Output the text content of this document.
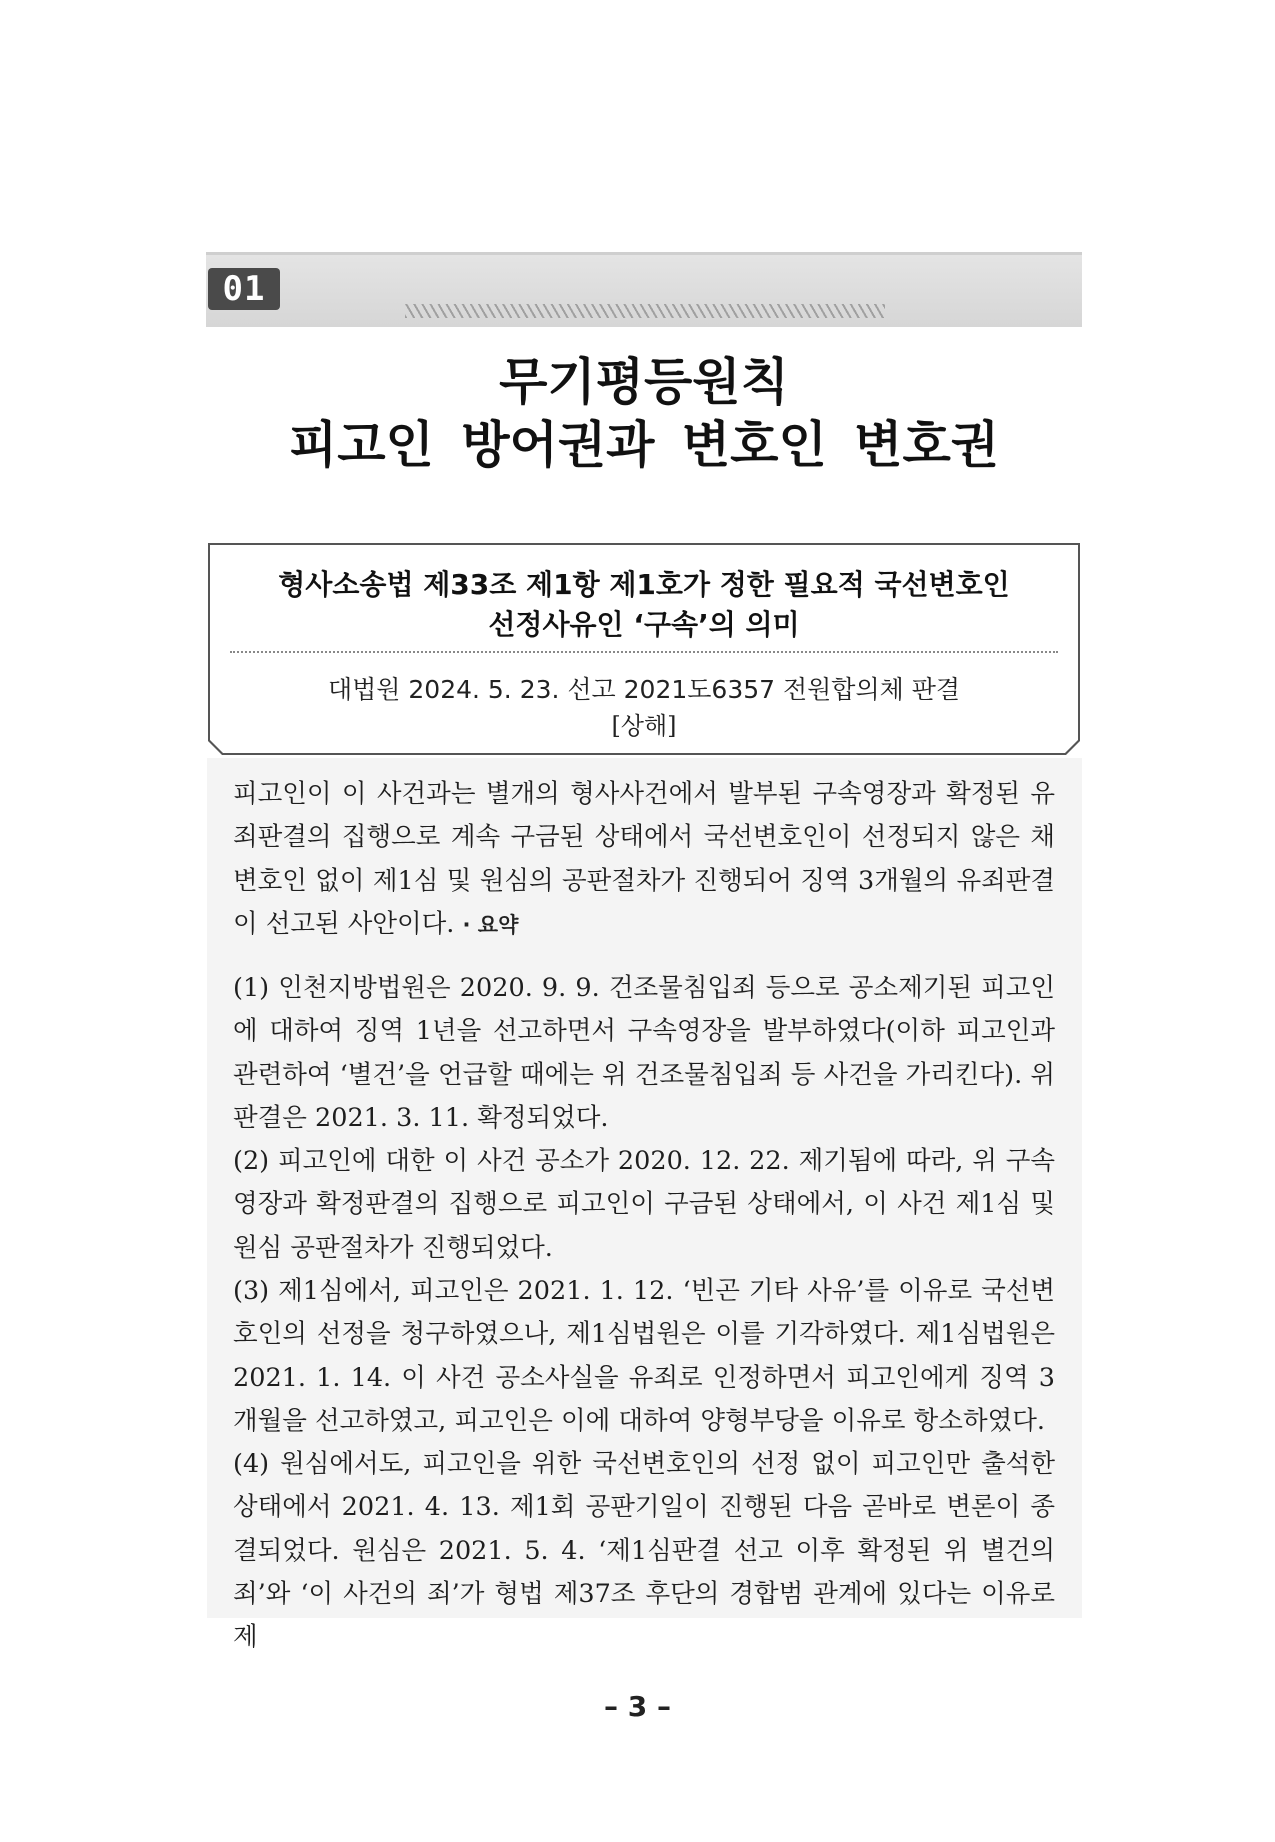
01
무기평등원칙
피고인 방어권과 변호인 변호권
형사소송법 제33조 제1항 제1호가 정한 필요적 국선변호인
선정사유인 ‘구속’의 의미
대법원 2024. 5. 23. 선고 2021도6357 전원합의체 판결
[상해]
피고인이 이 사건과는 별개의 형사사건에서 발부된 구속영장과 확정된 유죄판결의 집행으로 계속 구금된 상태에서 국선변호인이 선정되지 않은 채 변호인 없이 제1심 및 원심의 공판절차가 진행되어 징역 3개월의 유죄판결이 선고된 사안이다. · 요약
(1) 인천지방법원은 2020. 9. 9. 건조물침입죄 등으로 공소제기된 피고인에 대하여 징역 1년을 선고하면서 구속영장을 발부하였다(이하 피고인과 관련하여 ‘별건’을 언급할 때에는 위 건조물침입죄 등 사건을 가리킨다). 위 판결은 2021. 3. 11. 확정되었다.
(2) 피고인에 대한 이 사건 공소가 2020. 12. 22. 제기됨에 따라, 위 구속영장과 확정판결의 집행으로 피고인이 구금된 상태에서, 이 사건 제1심 및 원심 공판절차가 진행되었다.
(3) 제1심에서, 피고인은 2021. 1. 12. ‘빈곤 기타 사유’를 이유로 국선변호인의 선정을 청구하였으나, 제1심법원은 이를 기각하였다. 제1심법원은 2021. 1. 14. 이 사건 공소사실을 유죄로 인정하면서 피고인에게 징역 3개월을 선고하였고, 피고인은 이에 대하여 양형부당을 이유로 항소하였다.
(4) 원심에서도, 피고인을 위한 국선변호인의 선정 없이 피고인만 출석한 상태에서 2021. 4. 13. 제1회 공판기일이 진행된 다음 곧바로 변론이 종결되었다. 원심은 2021. 5. 4. ‘제1심판결 선고 이후 확정된 위 별건의 죄’와 ‘이 사건의 죄’가 형법 제37조 후단의 경합범 관계에 있다는 이유로 제
– 3 –
